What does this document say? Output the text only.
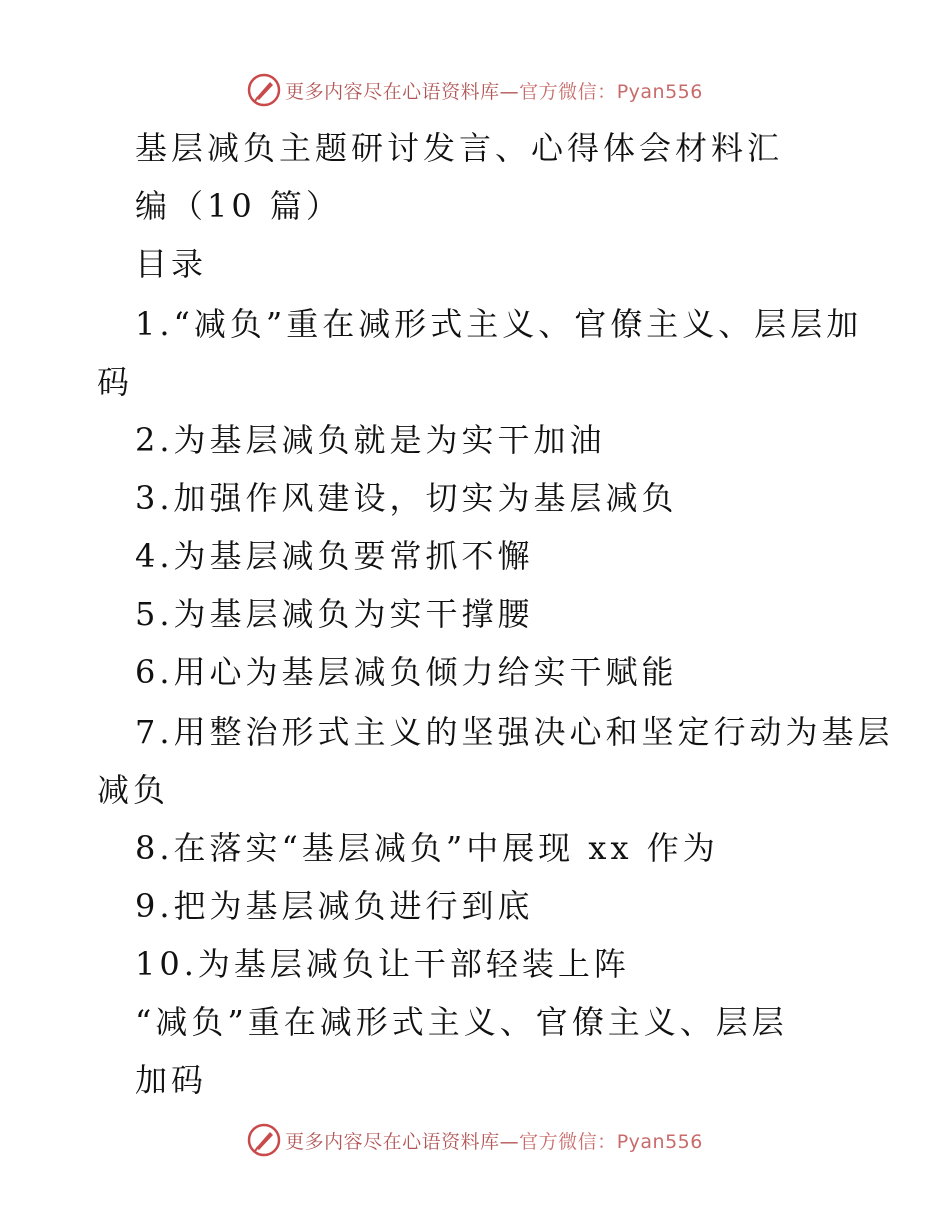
更多内容尽在心语资料库—官方微信：Pyan556
基层减负主题研讨发言、心得体会材料汇
编（10 篇）
目录
1.“减负”重在减形式主义、官僚主义、层层加
码
2.为基层减负就是为实干加油
3.加强作风建设，切实为基层减负
4.为基层减负要常抓不懈
5.为基层减负为实干撑腰
6.用心为基层减负倾力给实干赋能
7.用整治形式主义的坚强决心和坚定行动为基层
减负
8.在落实“基层减负”中展现 xx 作为
9.把为基层减负进行到底
10.为基层减负让干部轻装上阵
“减负”重在减形式主义、官僚主义、层层
加码
更多内容尽在心语资料库—官方微信：Pyan556
